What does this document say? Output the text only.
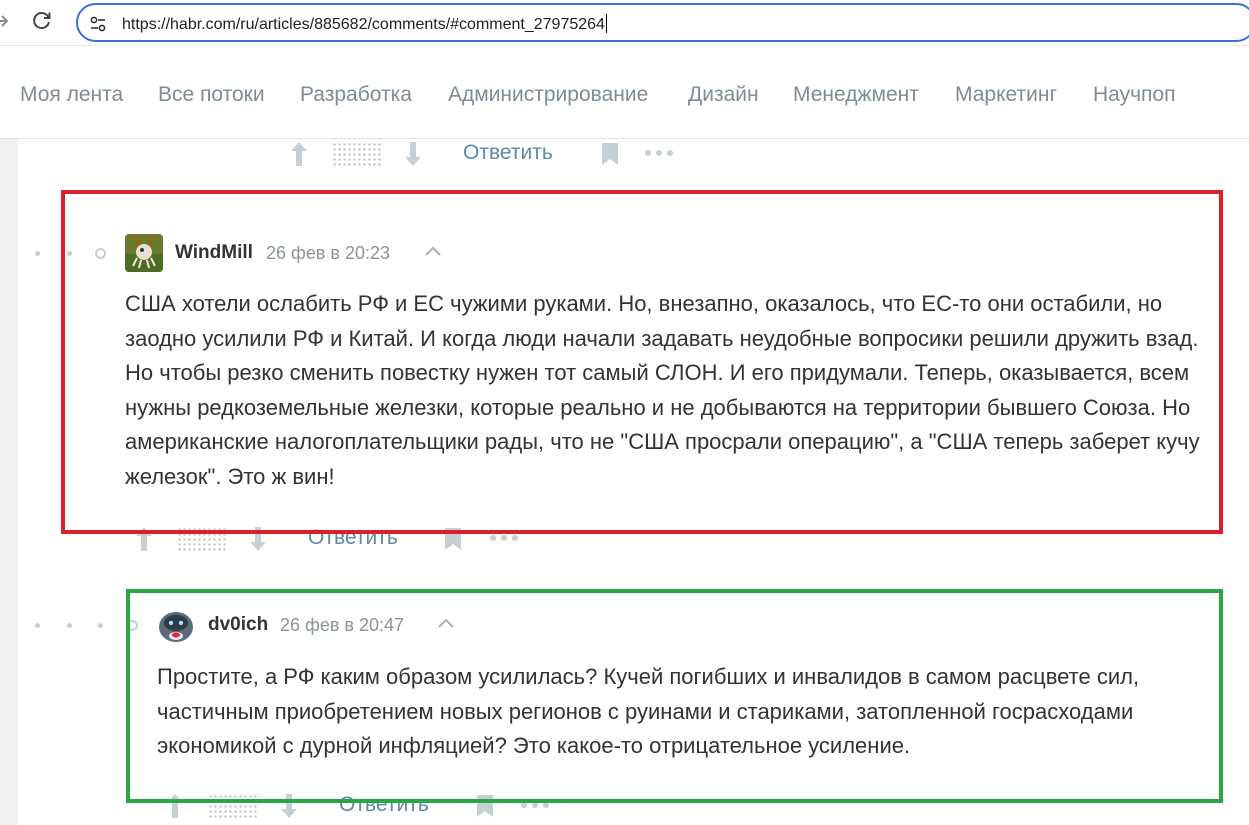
https://habr.com/ru/articles/885682/comments/#comment_27975264
Моя лента Все потоки Разработка Администрирование Дизайн Менеджмент Маркетинг Научпоп
Ответить
WindMill 26 фев в 20:23
США хотели ослабить РФ и ЕС чужими руками. Но, внезапно, оказалось, что ЕС-то они остабили, но заодно усилили РФ и Китай. И когда люди начали задавать неудобные вопросики решили дружить взад. Но чтобы резко сменить повестку нужен тот самый СЛОН. И его придумали. Теперь, оказывается, всем нужны редкоземельные железки, которые реально и не добываются на территории бывшего Союза. Но американские налогоплательщики рады, что не "США просрали операцию", а "США теперь заберет кучу железок". Это ж вин!
Ответить
dv0ich 26 фев в 20:47
Простите, а РФ каким образом усилилась? Кучей погибших и инвалидов в самом расцвете сил, частичным приобретением новых регионов с руинами и стариками, затопленной госрасходами экономикой с дурной инфляцией? Это какое-то отрицательное усиление.
Ответить
